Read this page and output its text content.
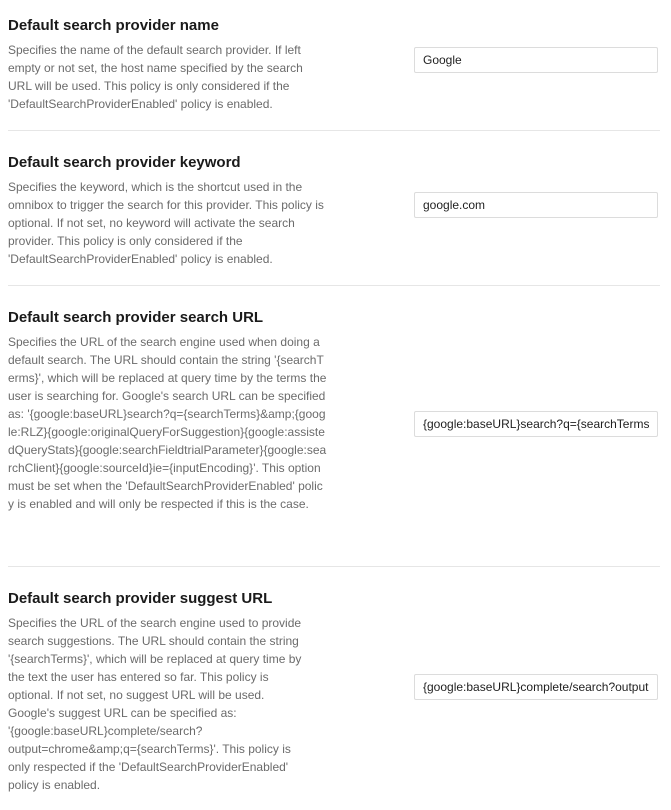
Default search provider name
Specifies the name of the default search provider. If left empty or not set, the host name specified by the search URL will be used. This policy is only considered if the 'DefaultSearchProviderEnabled' policy is enabled.
Google
Default search provider keyword
Specifies the keyword, which is the shortcut used in the omnibox to trigger the search for this provider. This policy is optional. If not set, no keyword will activate the search provider. This policy is only considered if the 'DefaultSearchProviderEnabled' policy is enabled.
google.com
Default search provider search URL
Specifies the URL of the search engine used when doing a default search. The URL should contain the string '{searchTerms}', which will be replaced at query time by the terms the user is searching for. Google's search URL can be specified as: '{google:baseURL}search?q={searchTerms}&amp;{google:RLZ}{google:originalQueryForSuggestion}{google:assistedQueryStats}{google:searchFieldtrialParameter}{google:searchClient}{google:sourceId}ie={inputEncoding}'. This option must be set when the 'DefaultSearchProviderEnabled' policy is enabled and will only be respected if this is the case.
{google:baseURL}search?q={searchTerms}&{google:RLZ}{google:originalQueryForSuggestion}{google:assistedQueryStats}{google:searchFieldtrialParameter}{google:searchClient}{google:sourceId}ie={inputEncoding}
Default search provider suggest URL
Specifies the URL of the search engine used to provide search suggestions. The URL should contain the string '{searchTerms}', which will be replaced at query time by the text the user has entered so far. This policy is optional. If not set, no suggest URL will be used. Google's suggest URL can be specified as: '{google:baseURL}complete/search?output=chrome&amp;q={searchTerms}'. This policy is only respected if the 'DefaultSearchProviderEnabled' policy is enabled.
{google:baseURL}complete/search?output=chrome&q={searchTerms}
